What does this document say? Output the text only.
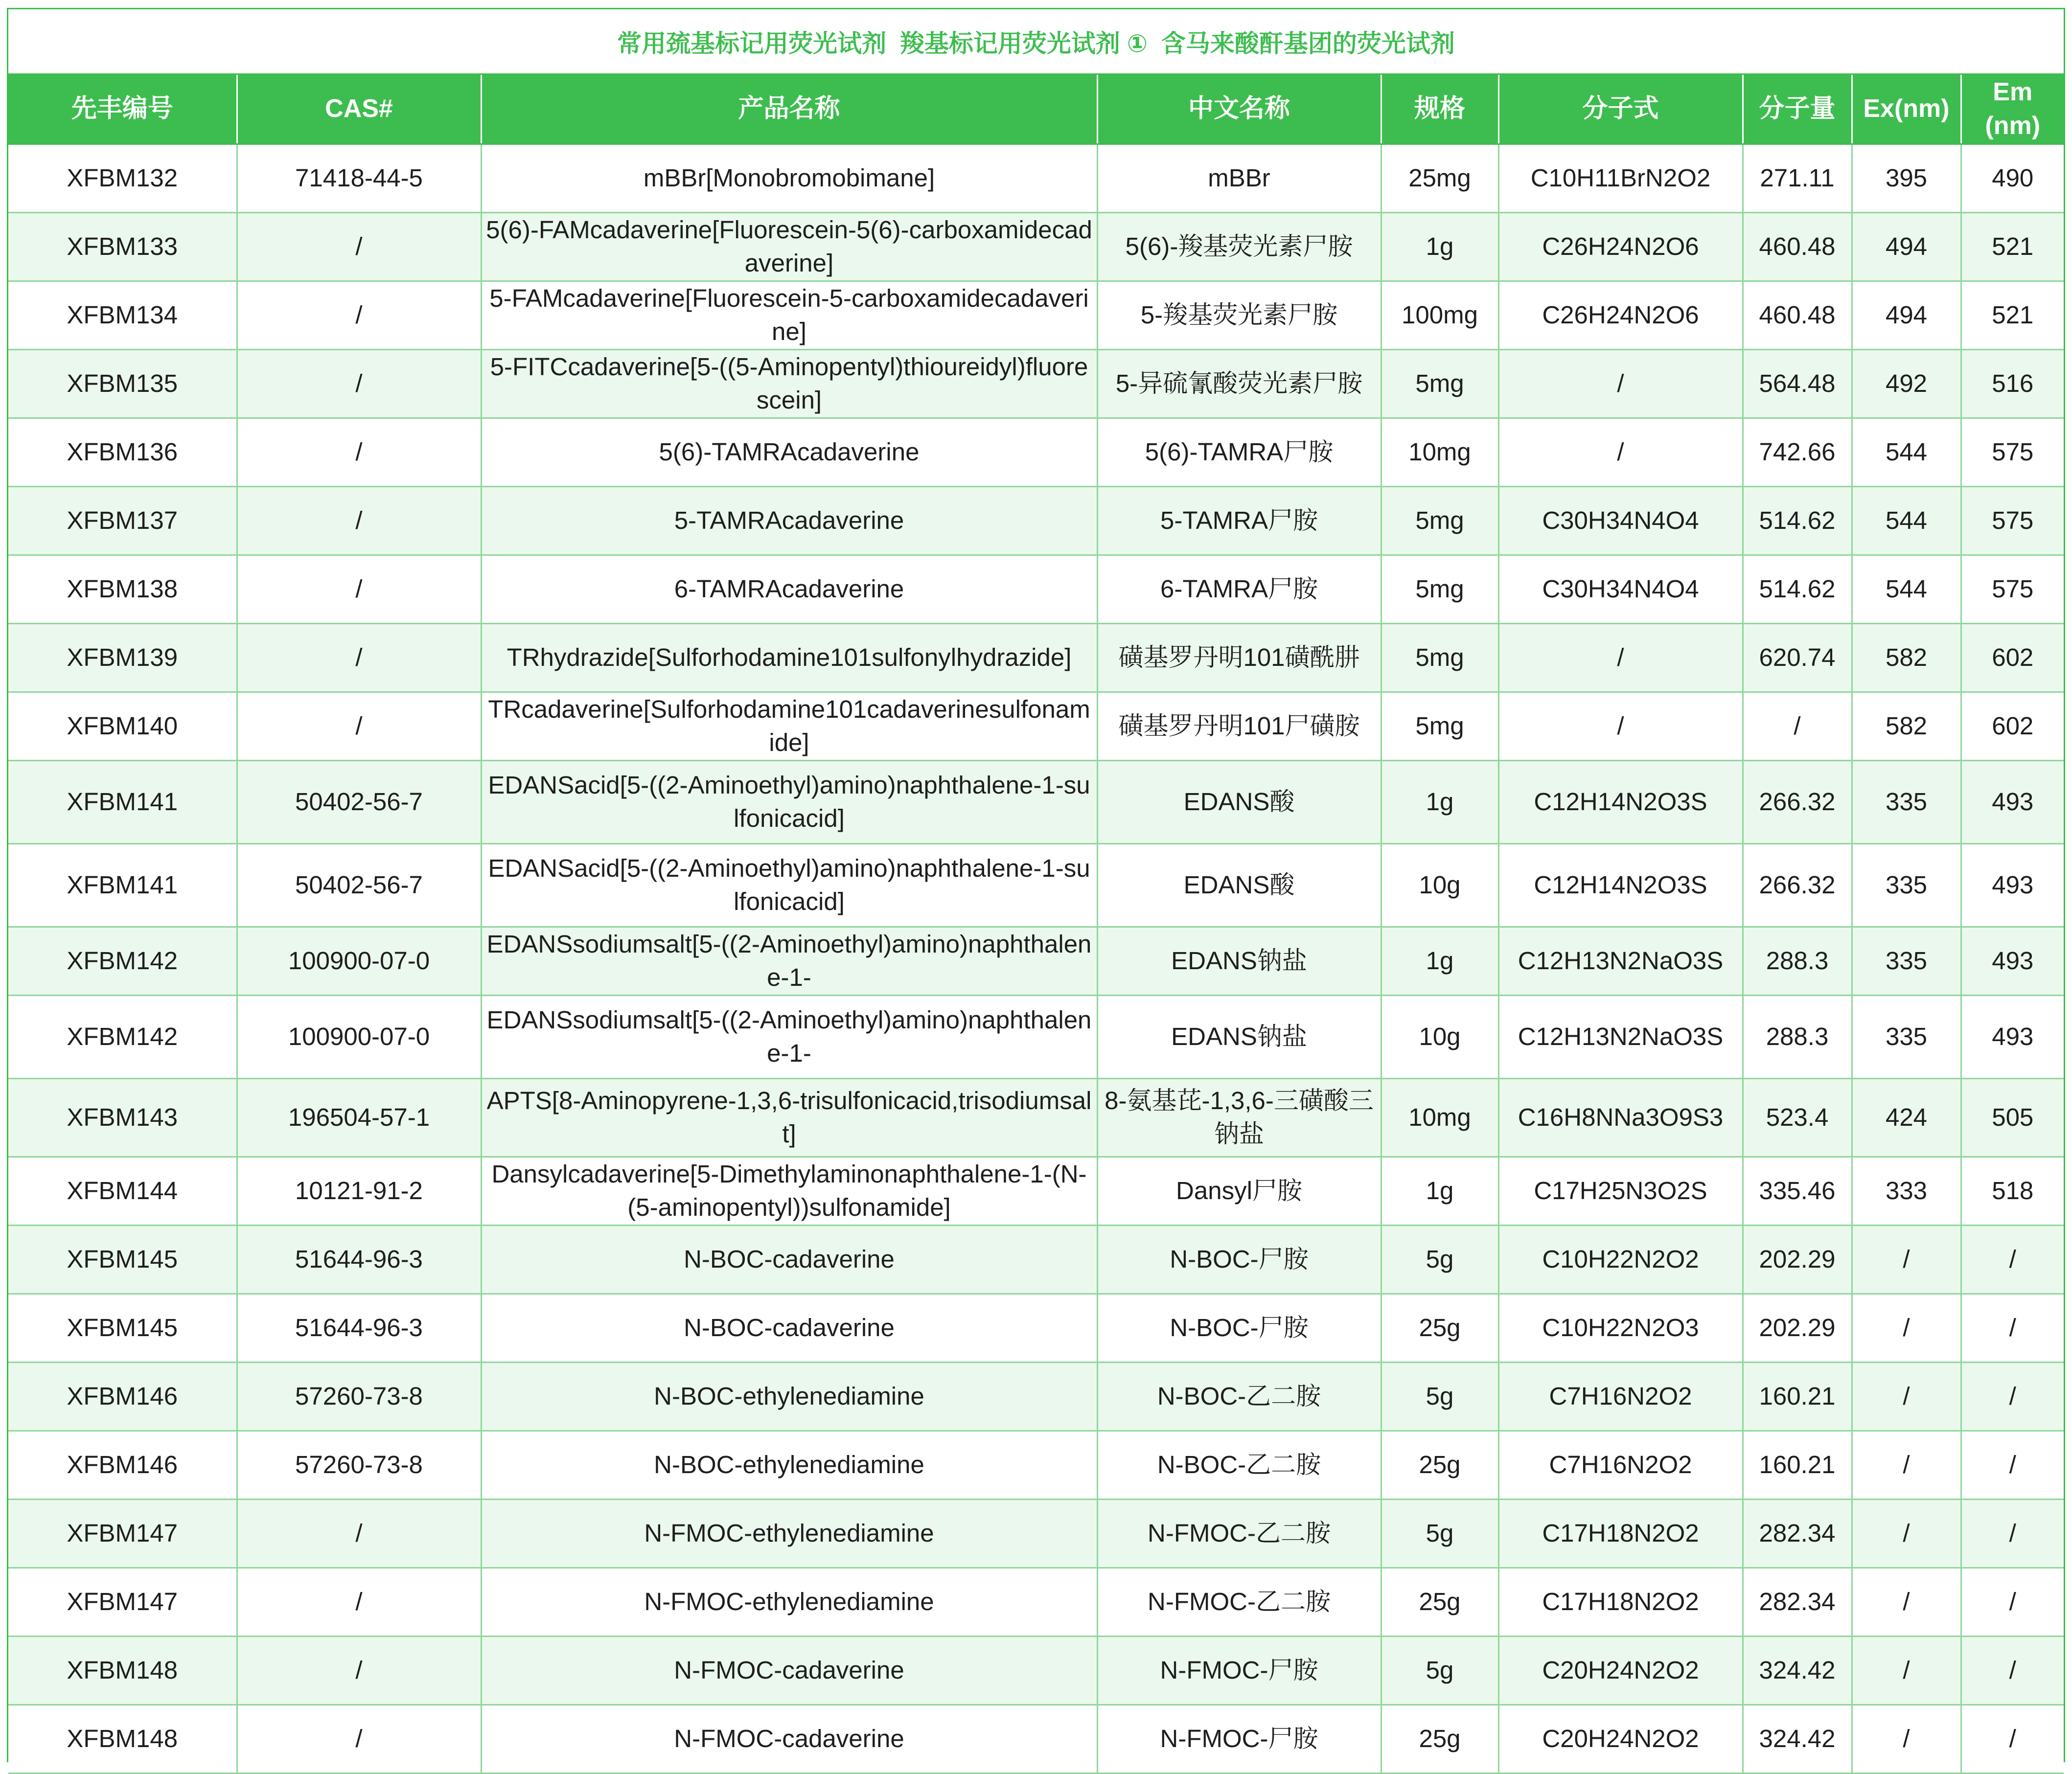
常用巯基标记用荧光试剂  羧基标记用荧光试剂 ①  含马来酸酐基团的荧光试剂
先丰编号	CAS#	产品名称	中文名称	规格	分子式	分子量	Ex(nm)	Em (nm)
XFBM132	71418-44-5	mBBr[Monobromobimane]	mBBr	25mg	C10H11BrN2O2	271.11	395	490
XFBM133	/	5(6)-FAMcadaverine[Fluorescein-5(6)-carboxamidecadaverine]	5(6)-羧基荧光素尸胺	1g	C26H24N2O6	460.48	494	521
XFBM134	/	5-FAMcadaverine[Fluorescein-5-carboxamidecadaverine]	5-羧基荧光素尸胺	100mg	C26H24N2O6	460.48	494	521
XFBM135	/	5-FITCcadaverine[5-((5-Aminopentyl)thioureidyl)fluorescein]	5-异硫氰酸荧光素尸胺	5mg	/	564.48	492	516
XFBM136	/	5(6)-TAMRAcadaverine	5(6)-TAMRA尸胺	10mg	/	742.66	544	575
XFBM137	/	5-TAMRAcadaverine	5-TAMRA尸胺	5mg	C30H34N4O4	514.62	544	575
XFBM138	/	6-TAMRAcadaverine	6-TAMRA尸胺	5mg	C30H34N4O4	514.62	544	575
XFBM139	/	TRhydrazide[Sulforhodamine101sulfonylhydrazide]	磺基罗丹明101磺酰肼	5mg	/	620.74	582	602
XFBM140	/	TRcadaverine[Sulforhodamine101cadaverinesulfonamide]	磺基罗丹明101尸磺胺	5mg	/	/	582	602
XFBM141	50402-56-7	EDANSacid[5-((2-Aminoethyl)amino)naphthalene-1-sulfonicacid]	EDANS酸	1g	C12H14N2O3S	266.32	335	493
XFBM141	50402-56-7	EDANSacid[5-((2-Aminoethyl)amino)naphthalene-1-sulfonicacid]	EDANS酸	10g	C12H14N2O3S	266.32	335	493
XFBM142	100900-07-0	EDANSsodiumsalt[5-((2-Aminoethyl)amino)naphthalene-1-	EDANS钠盐	1g	C12H13N2NaO3S	288.3	335	493
XFBM142	100900-07-0	EDANSsodiumsalt[5-((2-Aminoethyl)amino)naphthalene-1-	EDANS钠盐	10g	C12H13N2NaO3S	288.3	335	493
XFBM143	196504-57-1	APTS[8-Aminopyrene-1,3,6-trisulfonicacid,trisodiumsalt]	8-氨基芘-1,3,6-三磺酸三钠盐	10mg	C16H8NNa3O9S3	523.4	424	505
XFBM144	10121-91-2	Dansylcadaverine[5-Dimethylaminonaphthalene-1-(N-(5-aminopentyl))sulfonamide]	Dansyl尸胺	1g	C17H25N3O2S	335.46	333	518
XFBM145	51644-96-3	N-BOC-cadaverine	N-BOC-尸胺	5g	C10H22N2O2	202.29	/	/
XFBM145	51644-96-3	N-BOC-cadaverine	N-BOC-尸胺	25g	C10H22N2O3	202.29	/	/
XFBM146	57260-73-8	N-BOC-ethylenediamine	N-BOC-乙二胺	5g	C7H16N2O2	160.21	/	/
XFBM146	57260-73-8	N-BOC-ethylenediamine	N-BOC-乙二胺	25g	C7H16N2O2	160.21	/	/
XFBM147	/	N-FMOC-ethylenediamine	N-FMOC-乙二胺	5g	C17H18N2O2	282.34	/	/
XFBM147	/	N-FMOC-ethylenediamine	N-FMOC-乙二胺	25g	C17H18N2O2	282.34	/	/
XFBM148	/	N-FMOC-cadaverine	N-FMOC-尸胺	5g	C20H24N2O2	324.42	/	/
XFBM148	/	N-FMOC-cadaverine	N-FMOC-尸胺	25g	C20H24N2O2	324.42	/	/
